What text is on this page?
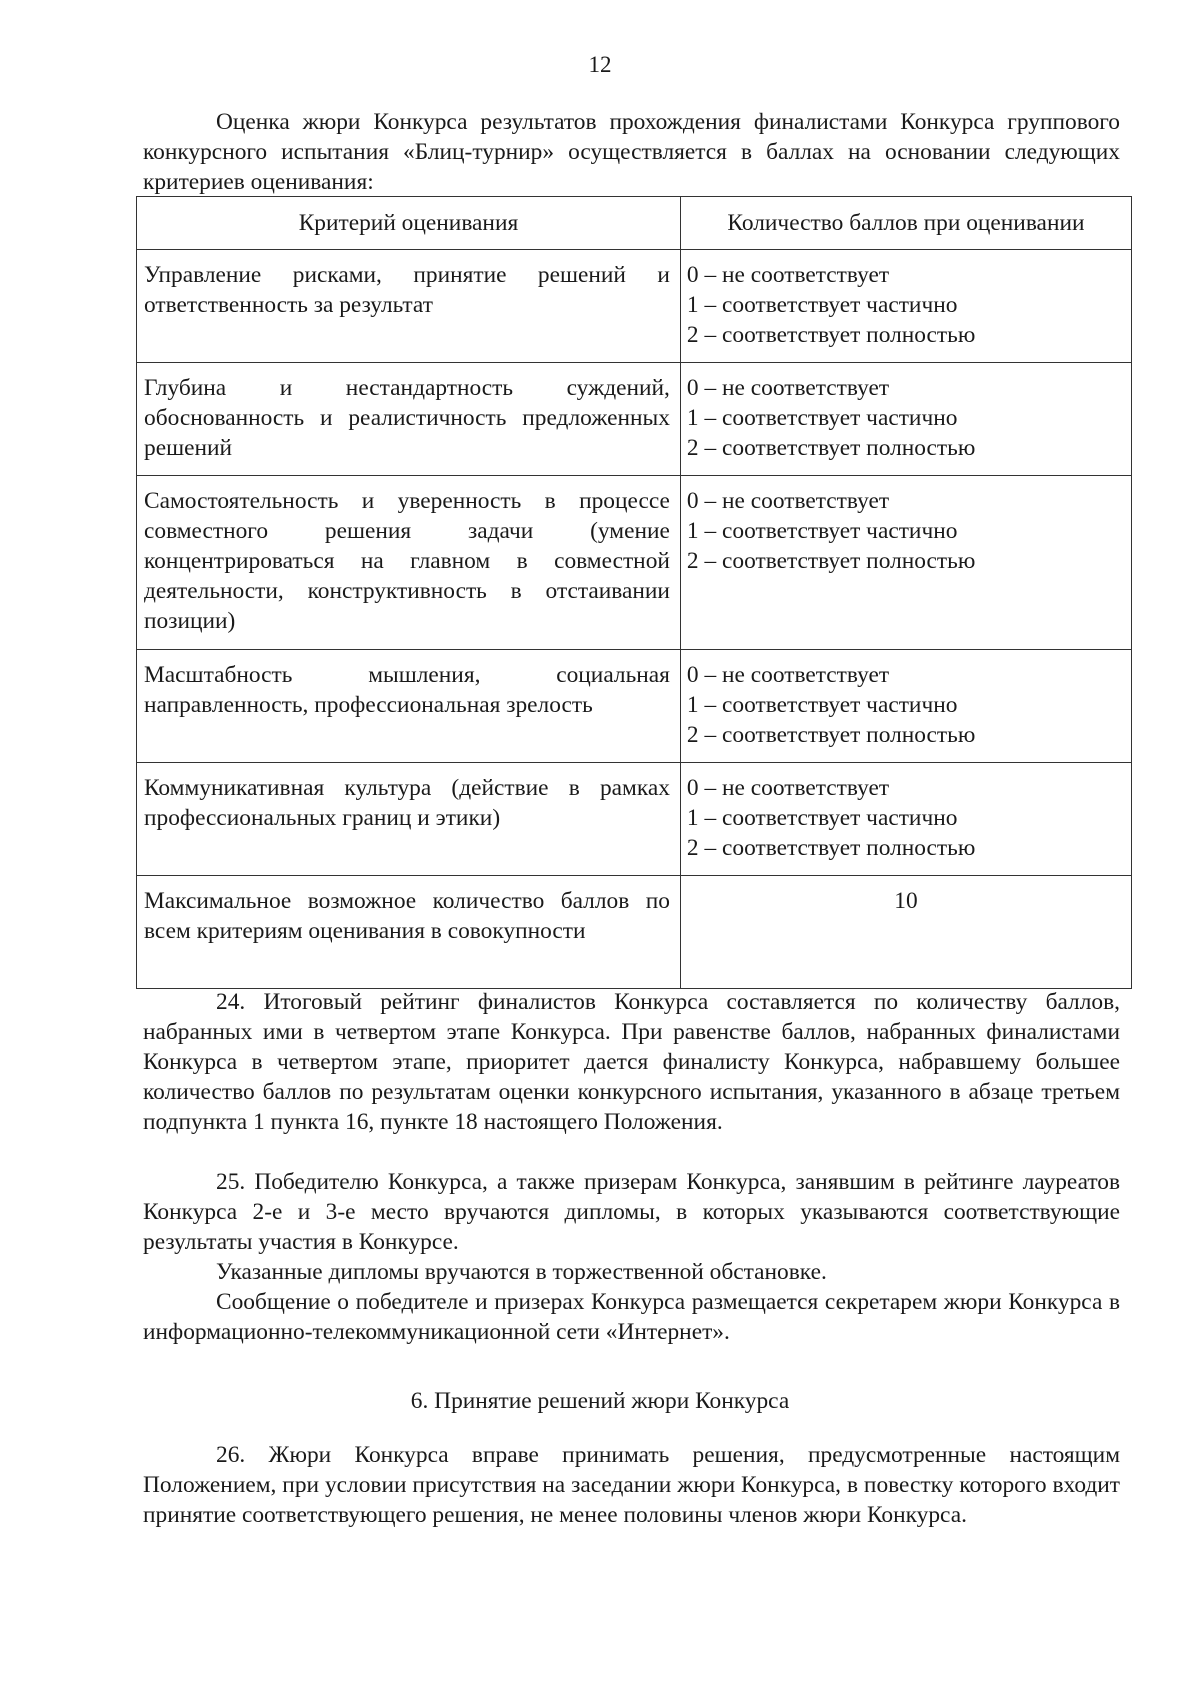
12

Оценка жюри Конкурса результатов прохождения финалистами Конкурса группового конкурсного испытания «Блиц-турнир» осуществляется в баллах на основании следующих критериев оценивания:

Критерий оценивания	Количество баллов при оценивании

Управление рисками, принятие решений и ответственность за результат	0 – не соответствует
1 – соответствует частично
2 – соответствует полностью

Глубина и нестандартность суждений, обоснованность и реалистичность предложенных решений	0 – не соответствует
1 – соответствует частично
2 – соответствует полностью

Самостоятельность и уверенность в процессе совместного решения задачи (умение концентрироваться на главном в совместной деятельности, конструктивность в отстаивании позиции)	0 – не соответствует
1 – соответствует частично
2 – соответствует полностью

Масштабность мышления, социальная направленность, профессиональная зрелость	0 – не соответствует
1 – соответствует частично
2 – соответствует полностью

Коммуникативная культура (действие в рамках профессиональных границ и этики)	0 – не соответствует
1 – соответствует частично
2 – соответствует полностью

Максимальное возможное количество баллов по всем критериям оценивания в совокупности	10

24. Итоговый рейтинг финалистов Конкурса составляется по количеству баллов, набранных ими в четвертом этапе Конкурса. При равенстве баллов, набранных финалистами Конкурса в четвертом этапе, приоритет дается финалисту Конкурса, набравшему большее количество баллов по результатам оценки конкурсного испытания, указанного в абзаце третьем подпункта 1 пункта 16, пункте 18 настоящего Положения.

25. Победителю Конкурса, а также призерам Конкурса, занявшим в рейтинге лауреатов Конкурса 2-е и 3-е место вручаются дипломы, в которых указываются соответствующие результаты участия в Конкурсе.

Указанные дипломы вручаются в торжественной обстановке.

Сообщение о победителе и призерах Конкурса размещается секретарем жюри Конкурса в информационно-телекоммуникационной сети «Интернет».

6. Принятие решений жюри Конкурса

26. Жюри Конкурса вправе принимать решения, предусмотренные настоящим Положением, при условии присутствия на заседании жюри Конкурса, в повестку которого входит принятие соответствующего решения, не менее половины членов жюри Конкурса.
